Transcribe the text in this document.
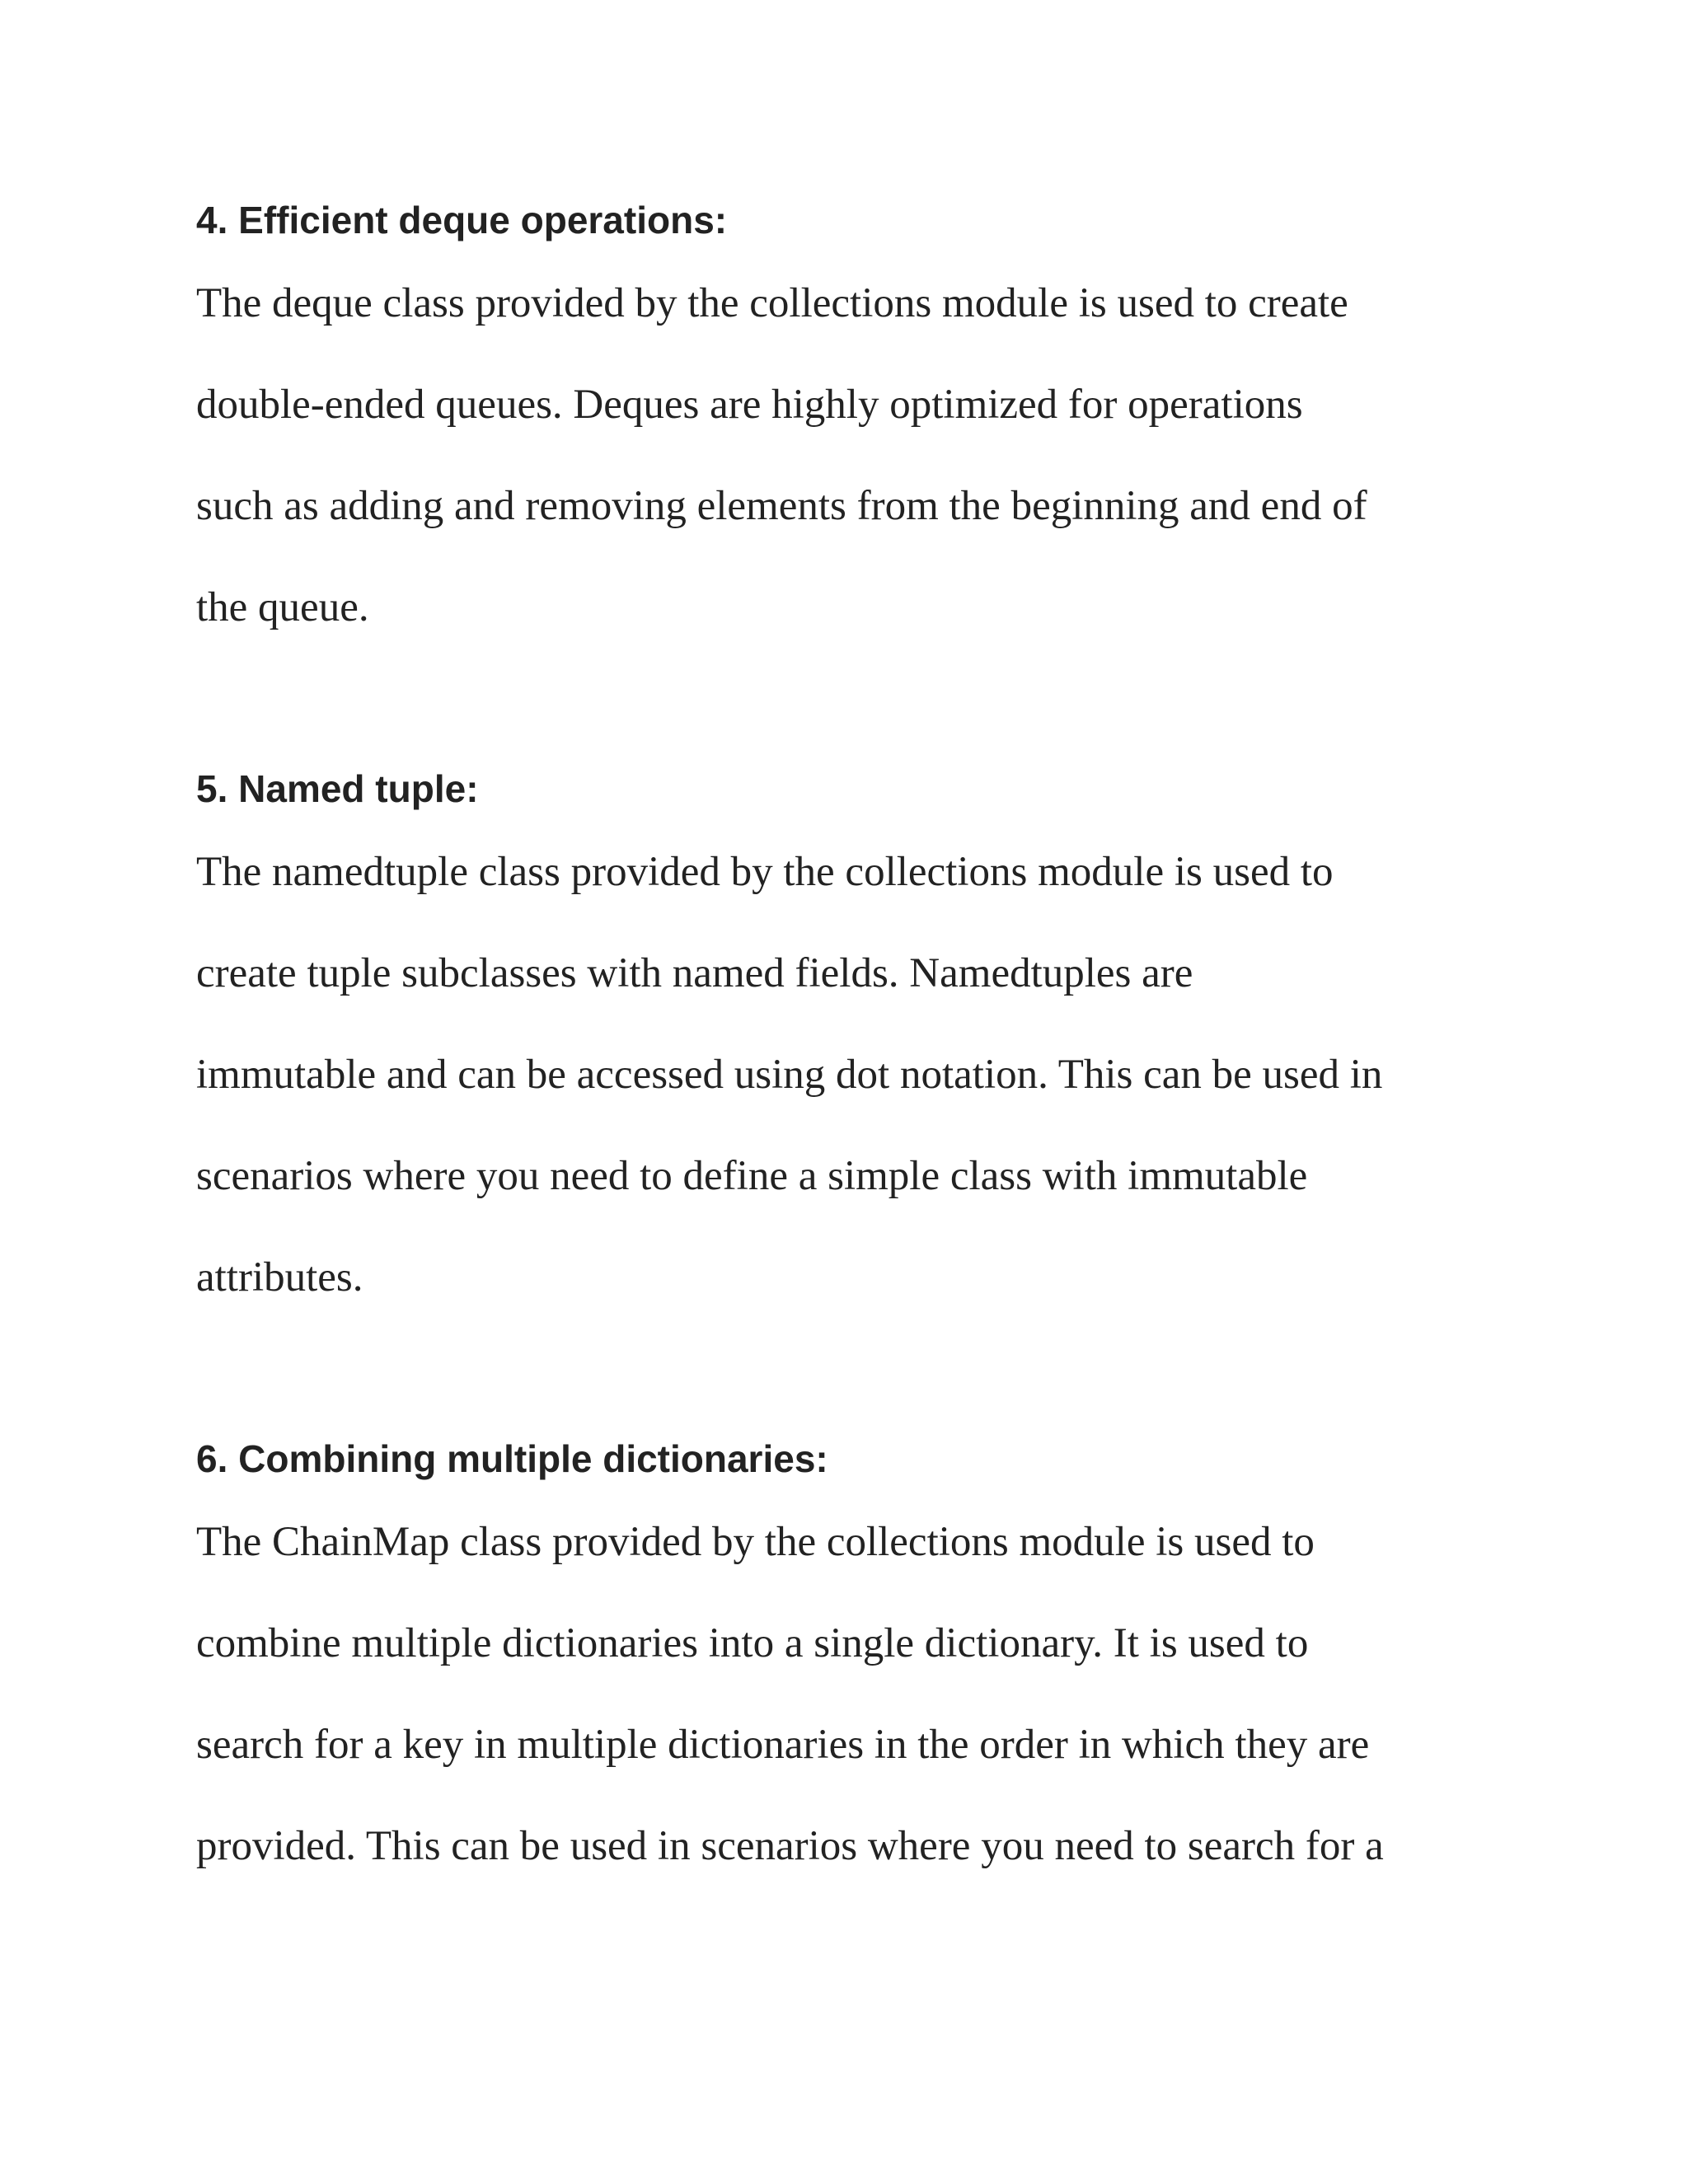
4. Efficient deque operations:

The deque class provided by the collections module is used to create

double-ended queues. Deques are highly optimized for operations

such as adding and removing elements from the beginning and end of

the queue.

5. Named tuple:

The namedtuple class provided by the collections module is used to

create tuple subclasses with named fields. Namedtuples are

immutable and can be accessed using dot notation. This can be used in

scenarios where you need to define a simple class with immutable

attributes.

6. Combining multiple dictionaries:

The ChainMap class provided by the collections module is used to

combine multiple dictionaries into a single dictionary. It is used to

search for a key in multiple dictionaries in the order in which they are

provided. This can be used in scenarios where you need to search for a
